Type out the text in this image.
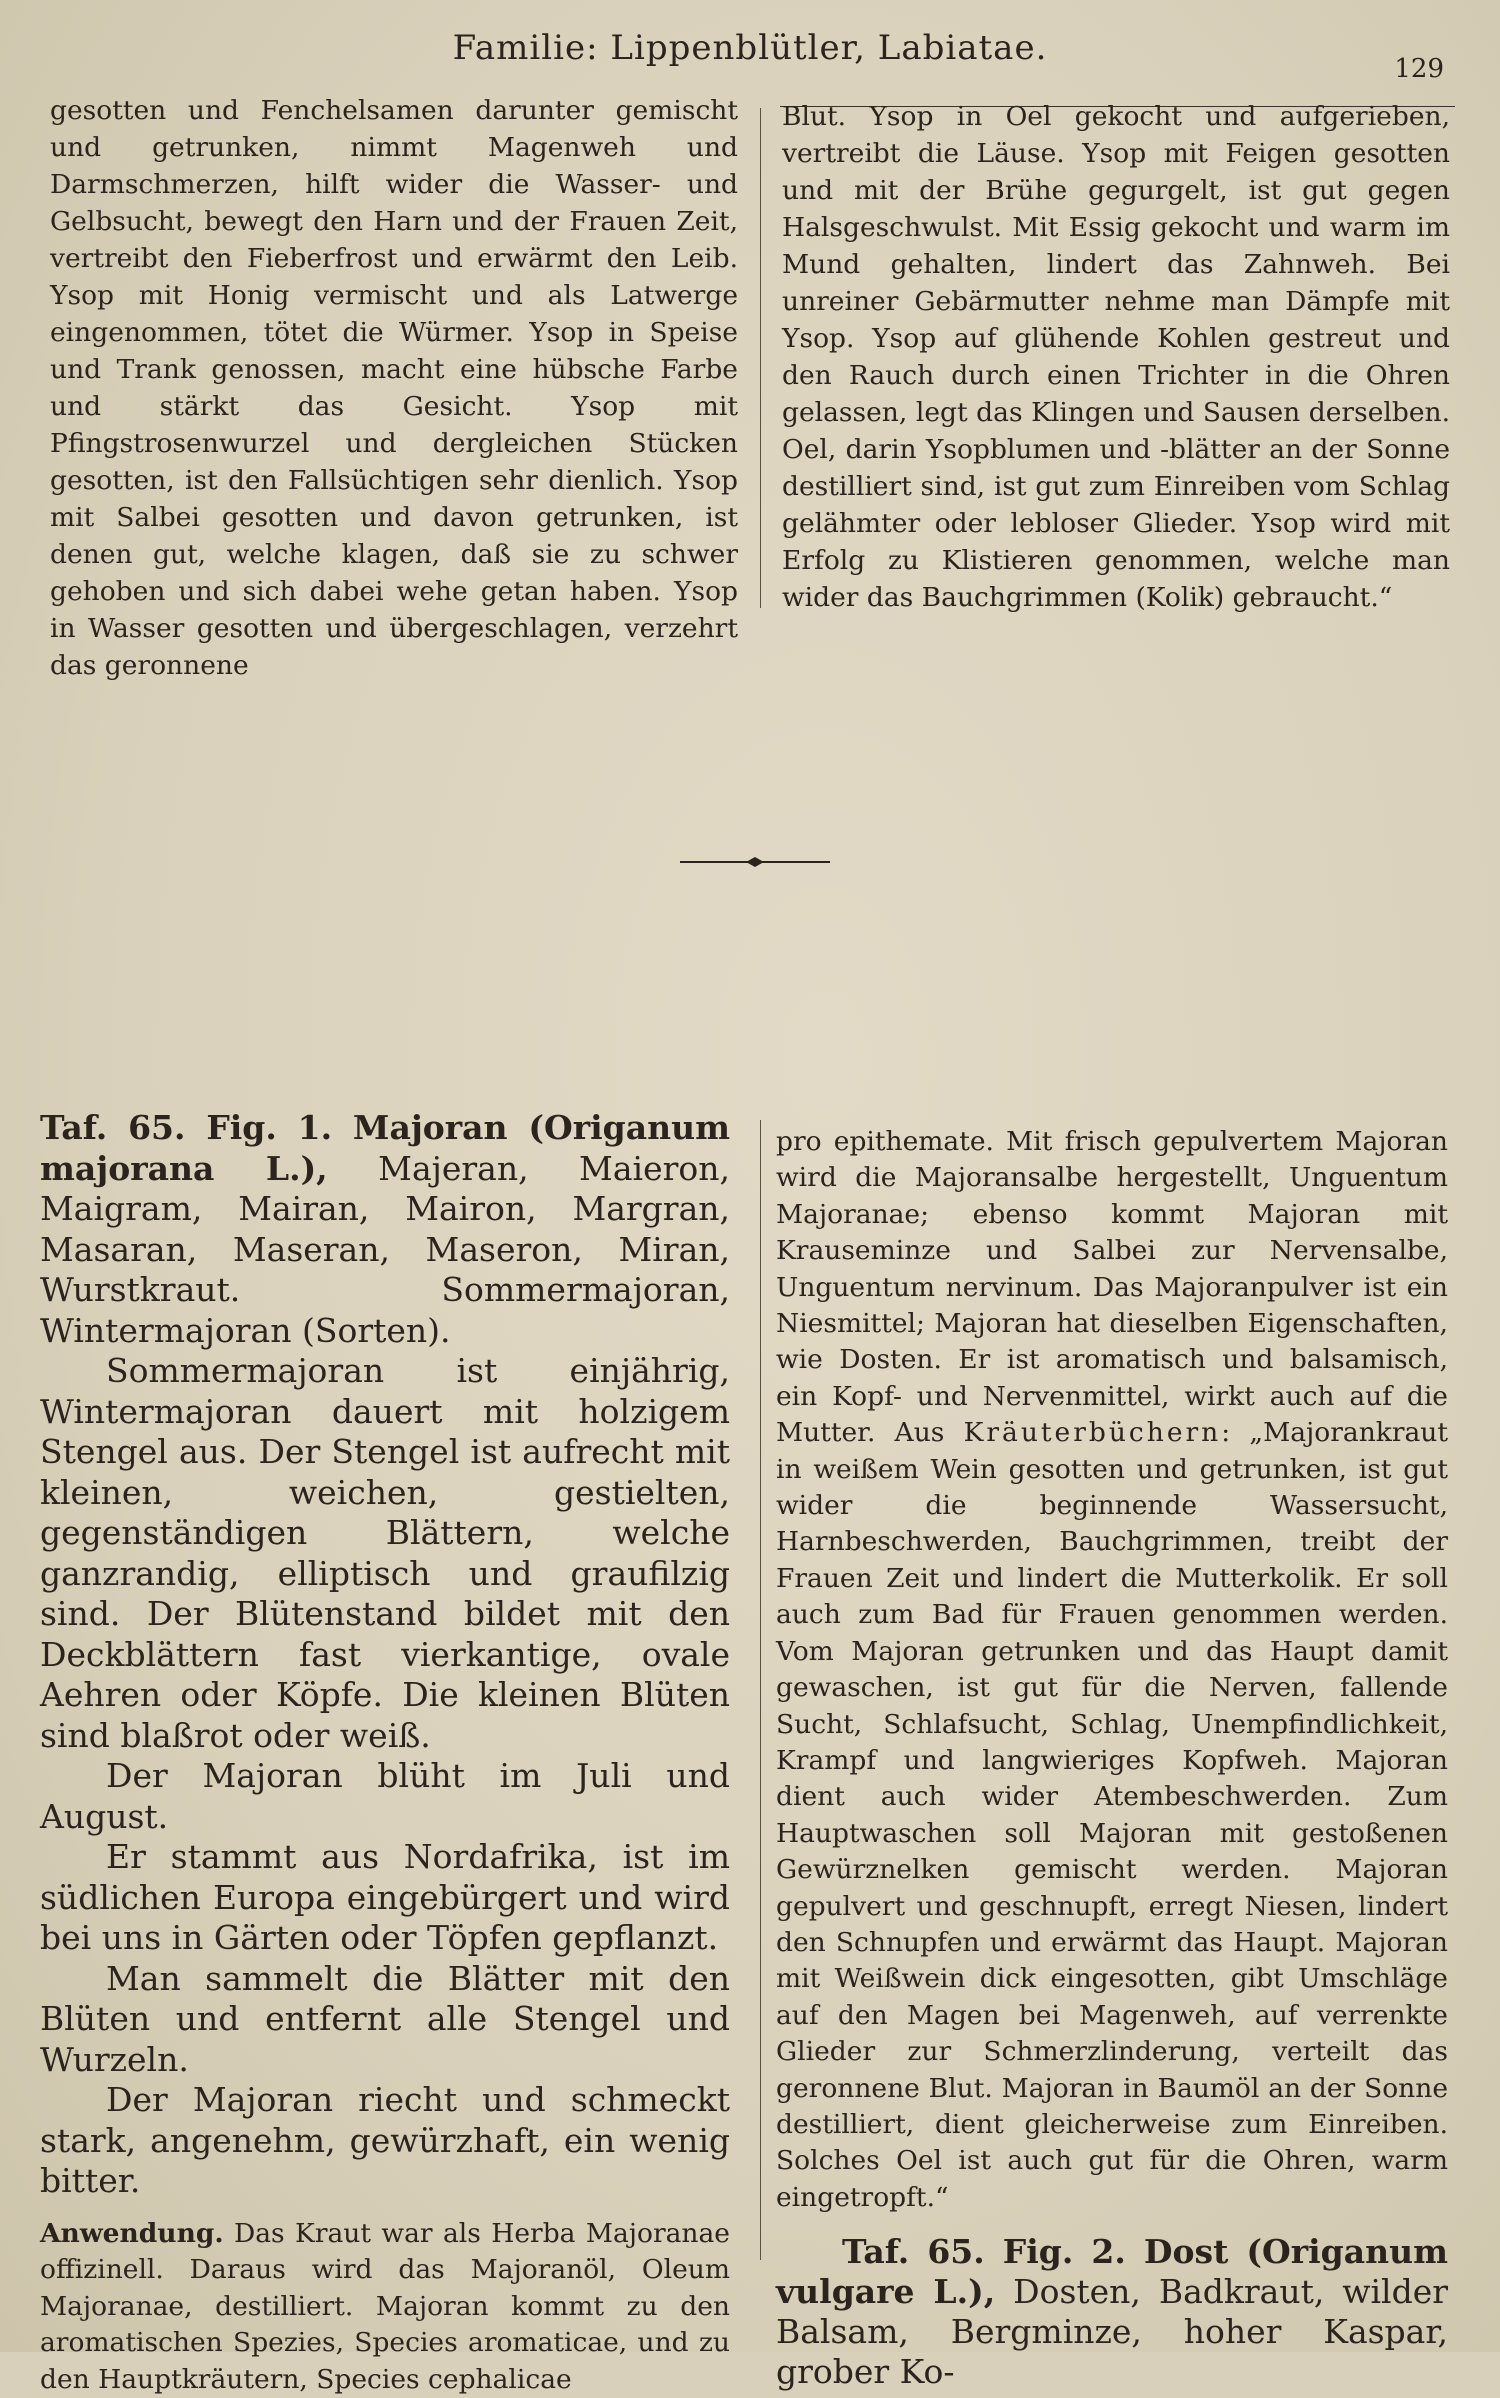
Familie: Lippenblütler, Labiatae.
129

gesotten und Fenchelsamen darunter gemischt und getrunken, nimmt Magenweh und Darmschmerzen, hilft wider die Wasser- und Gelbsucht, bewegt den Harn und der Frauen Zeit, vertreibt den Fieberfrost und erwärmt den Leib. Ysop mit Honig vermischt und als Latwerge eingenommen, tötet die Würmer. Ysop in Speise und Trank genossen, macht eine hübsche Farbe und stärkt das Gesicht. Ysop mit Pfingstrosenwurzel und dergleichen Stücken gesotten, ist den Fallsüchtigen sehr dienlich. Ysop mit Salbei gesotten und davon getrunken, ist denen gut, welche klagen, daß sie zu schwer gehoben und sich dabei wehe getan haben. Ysop in Wasser gesotten und übergeschlagen, verzehrt das geronnene

Blut. Ysop in Oel gekocht und aufgerieben, vertreibt die Läuse. Ysop mit Feigen gesotten und mit der Brühe gegurgelt, ist gut gegen Halsgeschwulst. Mit Essig gekocht und warm im Mund gehalten, lindert das Zahnweh. Bei unreiner Gebärmutter nehme man Dämpfe mit Ysop. Ysop auf glühende Kohlen gestreut und den Rauch durch einen Trichter in die Ohren gelassen, legt das Klingen und Sausen derselben. Oel, darin Ysopblumen und -blätter an der Sonne destilliert sind, ist gut zum Einreiben vom Schlag gelähmter oder lebloser Glieder. Ysop wird mit Erfolg zu Klistieren genommen, welche man wider das Bauchgrimmen (Kolik) gebraucht.“

Taf. 65. Fig. 1. Majoran (Origanum majorana L.), Majeran, Maieron, Maigram, Mairan, Mairon, Margran, Masaran, Maseran, Maseron, Miran, Wurstkraut. Sommermajoran, Wintermajoran (Sorten).

Sommermajoran ist einjährig, Wintermajoran dauert mit holzigem Stengel aus. Der Stengel ist aufrecht mit kleinen, weichen, gestielten, gegenständigen Blättern, welche ganzrandig, elliptisch und graufilzig sind. Der Blütenstand bildet mit den Deckblättern fast vierkantige, ovale Aehren oder Köpfe. Die kleinen Blüten sind blaßrot oder weiß.

Der Majoran blüht im Juli und August.

Er stammt aus Nordafrika, ist im südlichen Europa eingebürgert und wird bei uns in Gärten oder Töpfen gepflanzt.

Man sammelt die Blätter mit den Blüten und entfernt alle Stengel und Wurzeln.

Der Majoran riecht und schmeckt stark, angenehm, gewürzhaft, ein wenig bitter.

Anwendung. Das Kraut war als Herba Majoranae offizinell. Daraus wird das Majoranöl, Oleum Majoranae, destilliert. Majoran kommt zu den aromatischen Spezies, Species aromaticae, und zu den Hauptkräutern, Species cephalicae

pro epithemate. Mit frisch gepulvertem Majoran wird die Majoransalbe hergestellt, Unguentum Majoranae; ebenso kommt Majoran mit Krauseminze und Salbei zur Nervensalbe, Unguentum nervinum. Das Majoranpulver ist ein Niesmittel; Majoran hat dieselben Eigenschaften, wie Dosten. Er ist aromatisch und balsamisch, ein Kopf- und Nervenmittel, wirkt auch auf die Mutter. Aus Kräuterbüchern: „Majorankraut in weißem Wein gesotten und getrunken, ist gut wider die beginnende Wassersucht, Harnbeschwerden, Bauchgrimmen, treibt der Frauen Zeit und lindert die Mutterkolik. Er soll auch zum Bad für Frauen genommen werden. Vom Majoran getrunken und das Haupt damit gewaschen, ist gut für die Nerven, fallende Sucht, Schlafsucht, Schlag, Unempfindlichkeit, Krampf und langwieriges Kopfweh. Majoran dient auch wider Atembeschwerden. Zum Hauptwaschen soll Majoran mit gestoßenen Gewürznelken gemischt werden. Majoran gepulvert und geschnupft, erregt Niesen, lindert den Schnupfen und erwärmt das Haupt. Majoran mit Weißwein dick eingesotten, gibt Umschläge auf den Magen bei Magenweh, auf verrenkte Glieder zur Schmerzlinderung, verteilt das geronnene Blut. Majoran in Baumöl an der Sonne destilliert, dient gleicherweise zum Einreiben. Solches Oel ist auch gut für die Ohren, warm eingetropft.“

Taf. 65. Fig. 2. Dost (Origanum vulgare L.), Dosten, Badkraut, wilder Balsam, Bergminze, hoher Kaspar, grober Ko-
